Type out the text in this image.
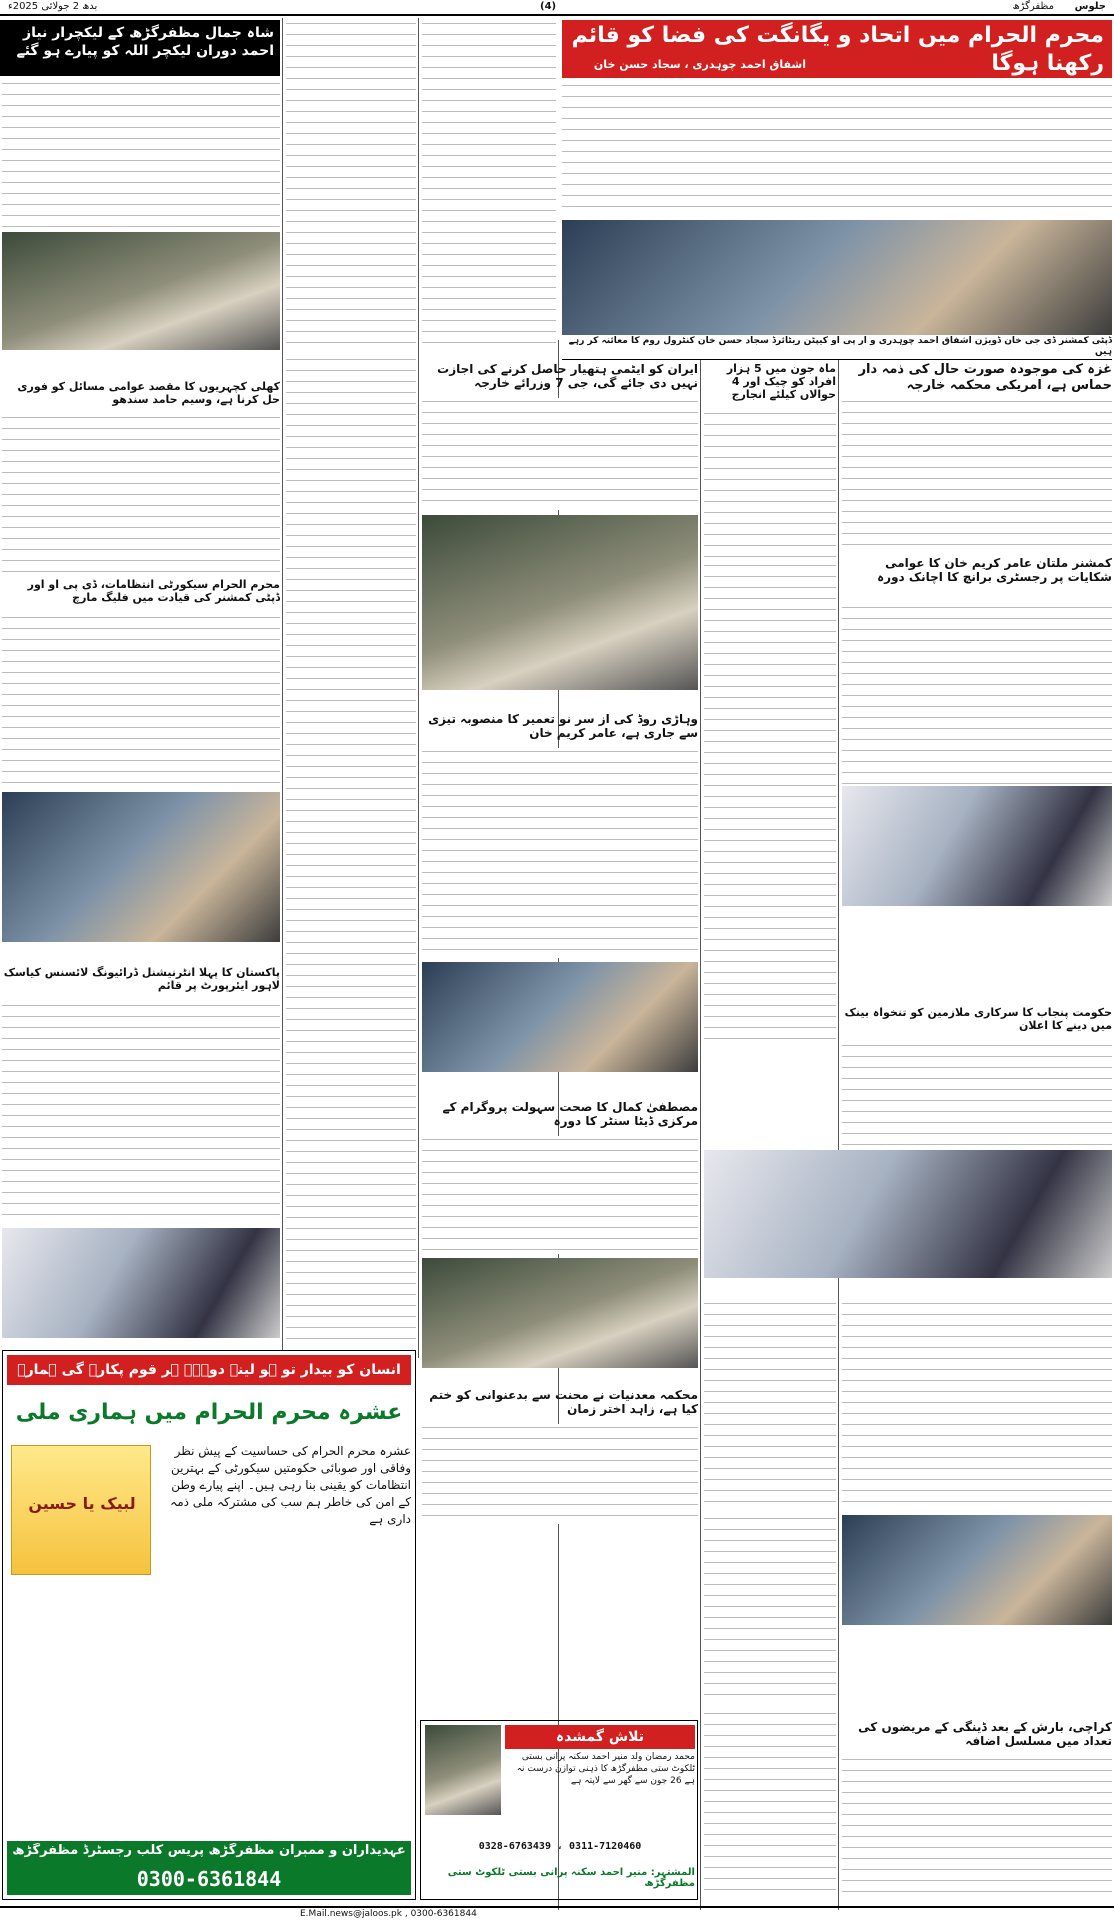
جلوس
مظفرگڑھ
(4)
بدھ 2 جولائی 2025ء
محرم الحرام میں اتحاد و یگانگت کی فضا کو قائم رکھنا ہوگا
اشفاق احمد چوہدری ، سجاد حسن خان
ڈپٹی کمشنر ڈی جی خان ڈویژن اشفاق احمد چوہدری و آر پی او کیپٹن ریٹائرڈ سجاد حسن خان کنٹرول روم کا معائنہ کر رہے ہیں
شاہ جمال مظفرگڑھ کے لیکچرار نیاز احمد دوران لیکچر اللہ کو پیارے ہو گئے
غزہ کی موجودہ صورت حال کی ذمہ دار حماس ہے، امریکی محکمہ خارجہ
ماہ جون میں 5 ہزار افراد کو چیک اور 4 حوالاں کیلئے انجارج
ایران کو ایٹمی ہتھیار حاصل کرنے کی اجازت نہیں دی جائے گی، جی 7 وزرائے خارجہ
کمشنر ملتان عامر کریم خان کا عوامی شکایات پر رجسٹری برانچ کا اچانک دورہ
کھلی کچہریوں کا مقصد عوامی مسائل کو فوری حل کرنا ہے، وسیم حامد سندھو
محرم الحرام سیکورٹی انتظامات، ڈی پی او اور ڈپٹی کمشنر کی قیادت میں فلیگ مارچ
پاکستان کا پہلا انٹرنیشنل ڈرائیونگ لائسنس کیاسک لاہور ایئرپورٹ پر قائم
وہاڑی روڈ کی از سر نو تعمیر کا منصوبہ تیزی سے جاری ہے، عامر کریم خان
مصطفیٰ کمال کا صحت سہولت پروگرام کے مرکزی ڈیٹا سنٹر کا دورہ
حکومت پنجاب کا سرکاری ملازمین کو تنخواہ بینک میں دینے کا اعلان
محکمہ معدنیات نے محنت سے بدعنوانی کو ختم کیا ہے، زاہد اختر زمان
کراچی، بارش کے بعد ڈینگی کے مریضوں کی تعداد میں مسلسل اضافہ
انسان کو بیدار تو ہو لینے دو۔۔۔ ہر قوم پکارے گی ہمارے
عشرہ محرم الحرام میں ہماری ملی
لبیک یا حسین
عشرہ محرم الحرام کی حساسیت کے پیش نظر وفاقی اور صوبائی حکومتیں سیکورٹی کے بہترین انتظامات کو یقینی بنا رہی ہیں۔ اپنے پیارے وطن کے امن کی خاطر ہم سب کی مشترکہ ملی ذمہ داری ہے
عہدیداران و ممبران مظفرگڑھ پریس کلب رجسٹرڈ مظفرگڑھ
0300-6361844
تلاش گمشدہ
محمد رمضان ولد منیر احمد سکنہ پرانی بستی ٹلکوٹ ستی مظفرگڑھ کا ذہنی توازن درست نہ ہے 26 جون سے گھر سے لاپتہ ہے
0328-6763439 ، 0311-7120460
المشتہر: منیر احمد سکنہ پرانی بستی ٹلکوٹ ستی مظفرگڑھ
E.Mail.news@jaloos.pk , 0300-6361844
